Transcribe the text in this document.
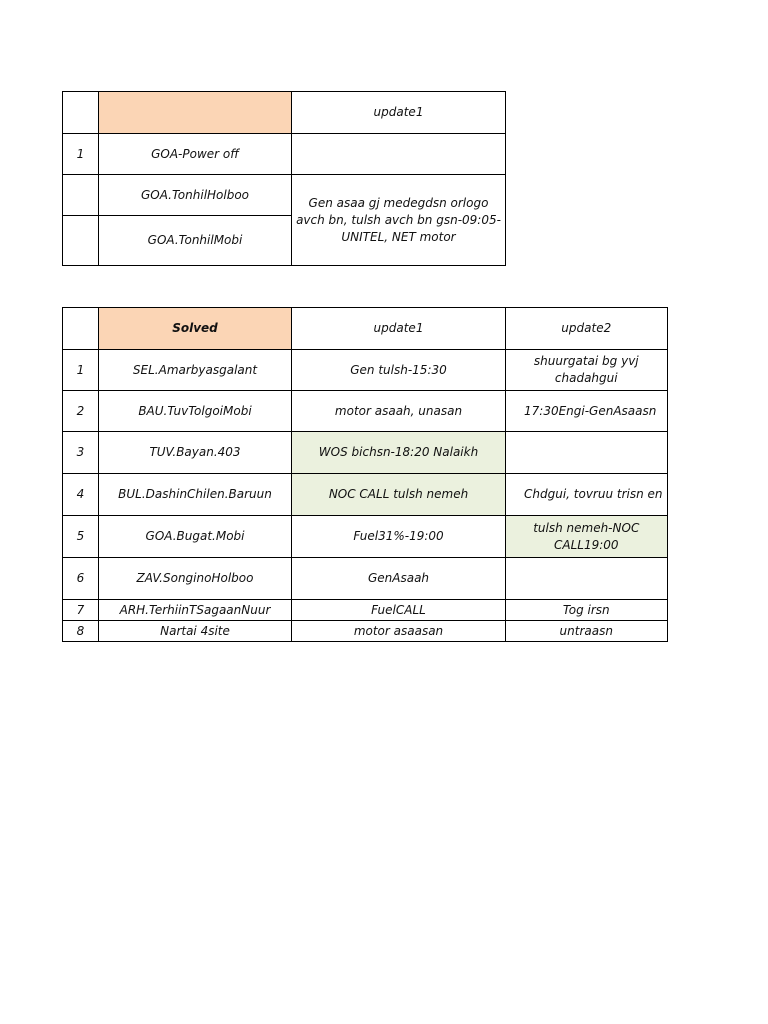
		update1
1	GOA-Power off	
	GOA.TonhilHolboo	Gen asaa gj medegdsn orlogo avch bn, tulsh avch bn gsn-09:05-UNITEL, NET motor
	GOA.TonhilMobi	
	Solved	update1	update2
1	SEL.Amarbyasgalant	Gen tulsh-15:30	shuurgatai bg yvj chadahgui
2	BAU.TuvTolgoiMobi	motor asaah, unasan	17:30Engi-GenAsaasn
3	TUV.Bayan.403	WOS bichsn-18:20 Nalaikh	
4	BUL.DashinChilen.Baruun	NOC CALL tulsh nemeh	Chdgui, tovruu trisn en
5	GOA.Bugat.Mobi	Fuel31%-19:00	tulsh nemeh-NOC CALL19:00
6	ZAV.SonginoHolboo	GenAsaah	
7	ARH.TerhiinTSagaanNuur	FuelCALL	Tog irsn
8	Nartai 4site	motor asaasan	untraasn
